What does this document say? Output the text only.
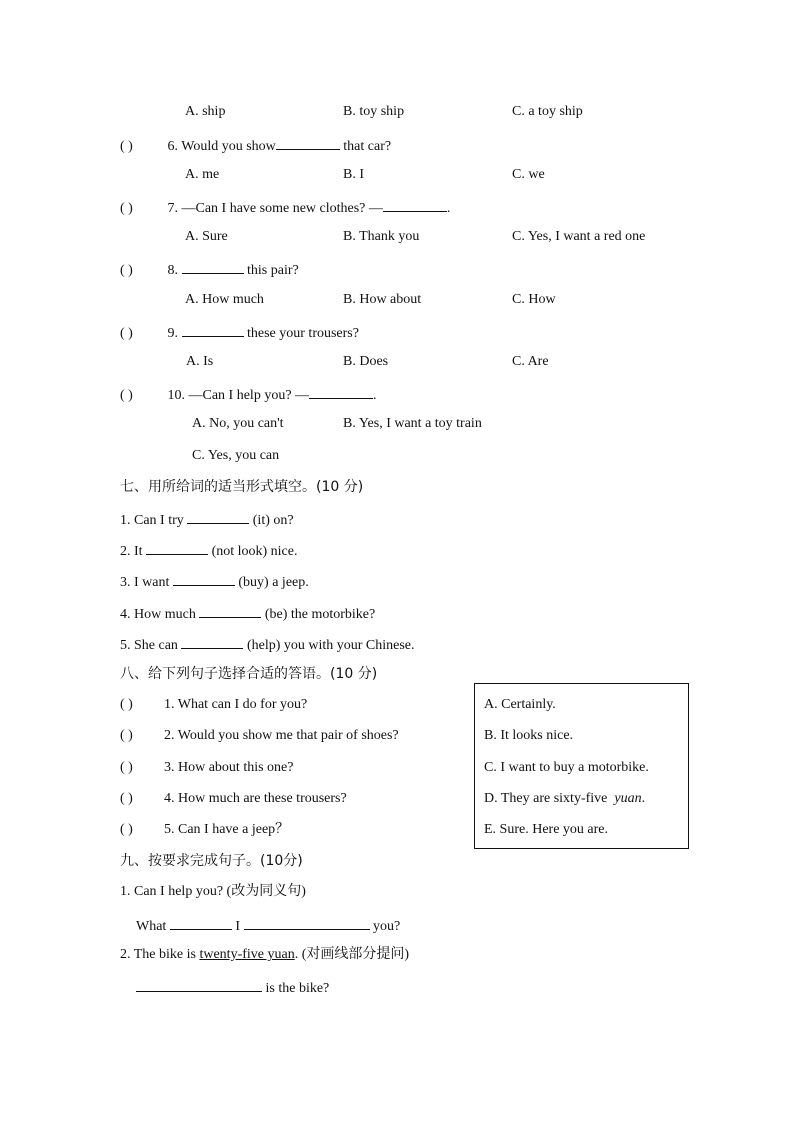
A. ship	B. toy ship	C. a toy ship
( ) 6. Would you show	that car?
A. me	B. I	C. we
( ) 7. —Can I have some new clothes? —	.
A. Sure	B. Thank you	C. Yes, I want a red one
( ) 8.	this pair?
A. How much	B. How about	C. How
( ) 9.	these your trousers?
A. Is	B. Does	C. Are
( ) 10. —Can I help you? —	.
A. No, you can't	B. Yes, I want a toy train
C. Yes, you can
七、用所给词的适当形式填空。(10 分)
1. Can I try	(it) on?
2. It	(not look) nice.
3. I want	(buy) a jeep.
4. How much	(be) the motorbike?
5. She can	(help) you with your Chinese.
八、给下列句子选择合适的答语。(10 分)
( ) 1. What can I do for you?
( ) 2. Would you show me that pair of shoes?
( ) 3. How about this one?
( ) 4. How much are these trousers?
( ) 5. Can I have a jeep？
A. Certainly.
B. It looks nice.
C. I want to buy a motorbike.
D. They are sixty-five yuan.
E. Sure. Here you are.
九、按要求完成句子。(10分)
1. Can I help you? (改为同义句)
What	I	you?
2. The bike is twenty-five yuan. (对画线部分提问)
is the bike?
